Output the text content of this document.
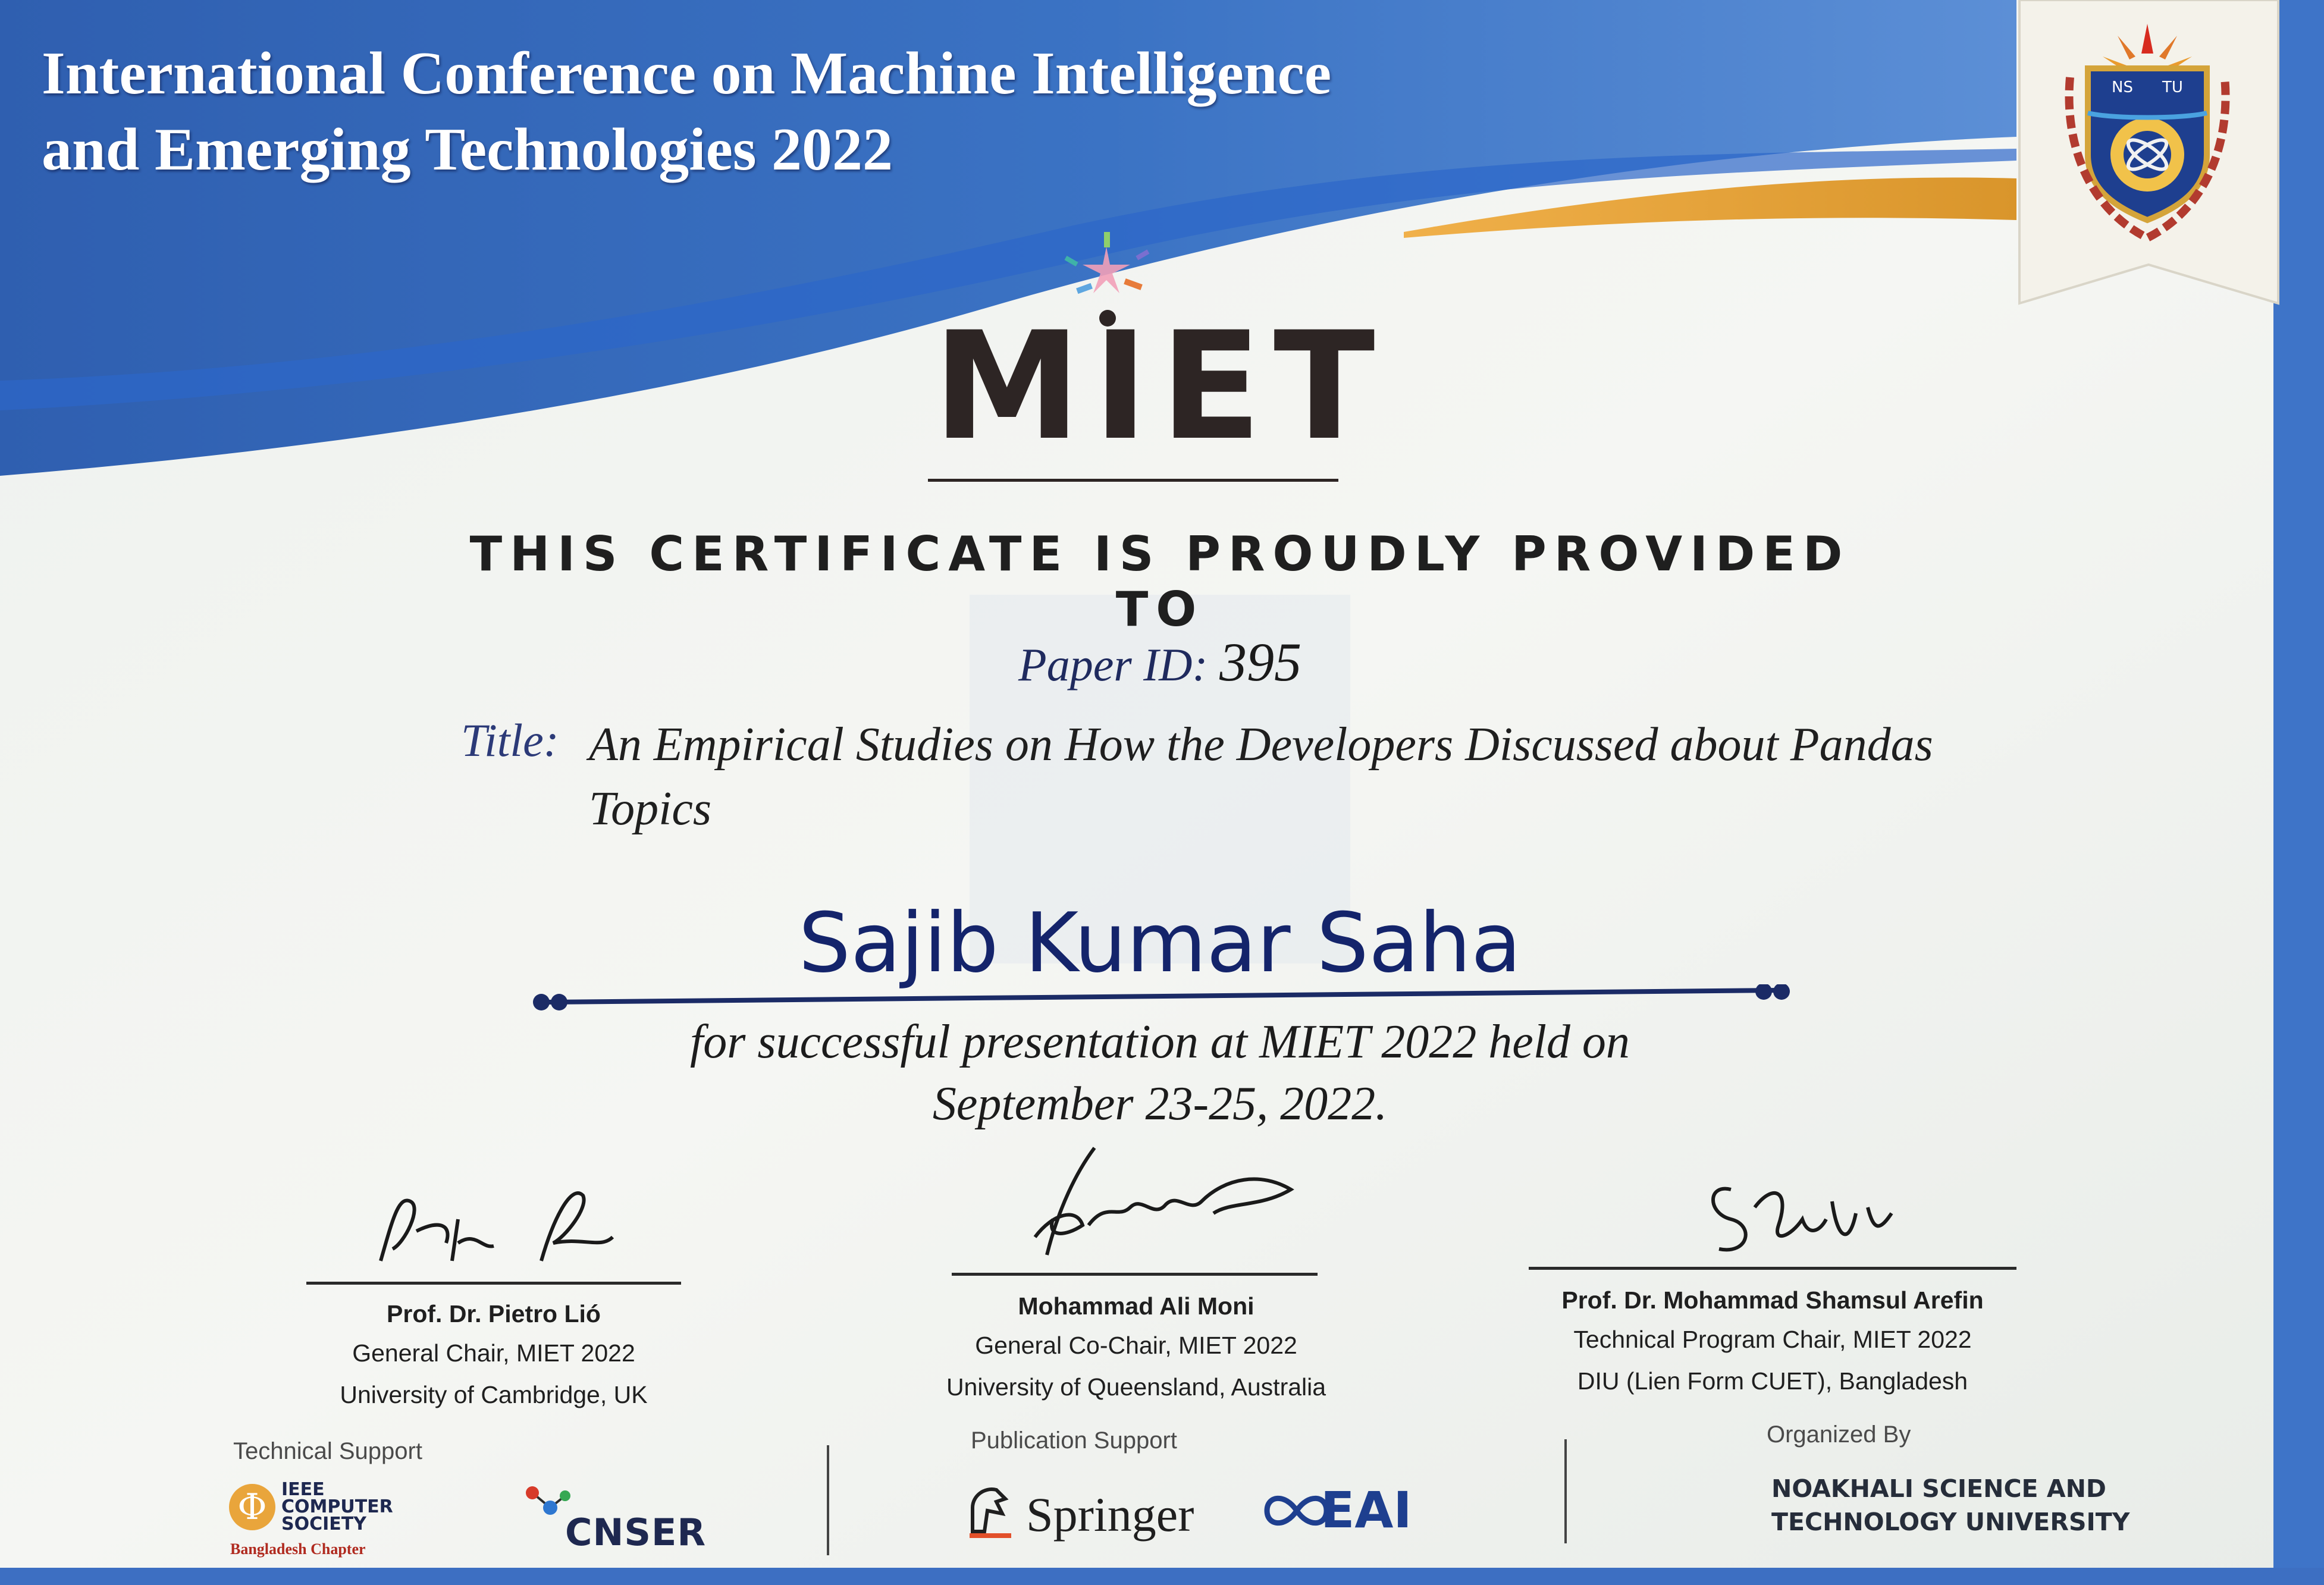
NS TU
International Conference on Machine Intelligence
and Emerging Technologies 2022
MIET
THIS CERTIFICATE IS PROUDLY PROVIDED TO
Paper ID: 395
Title: An Empirical Studies on How the Developers Discussed about Pandas Topics
Sajib Kumar Saha
for successful presentation at MIET 2022 held on
September 23-25, 2022.
Prof. Dr. Pietro Lió
General Chair, MIET 2022
University of Cambridge, UK
Mohammad Ali Moni
General Co-Chair, MIET 2022
University of Queensland, Australia
Prof. Dr. Mohammad Shamsul Arefin
Technical Program Chair, MIET 2022
DIU (Lien Form CUET), Bangladesh
Technical Support
Φ IEEE
COMPUTER
SOCIETY
Bangladesh Chapter	CNSER
Publication Support
Springer	EAI
Organized By
NOAKHALI SCIENCE AND
TECHNOLOGY UNIVERSITY
